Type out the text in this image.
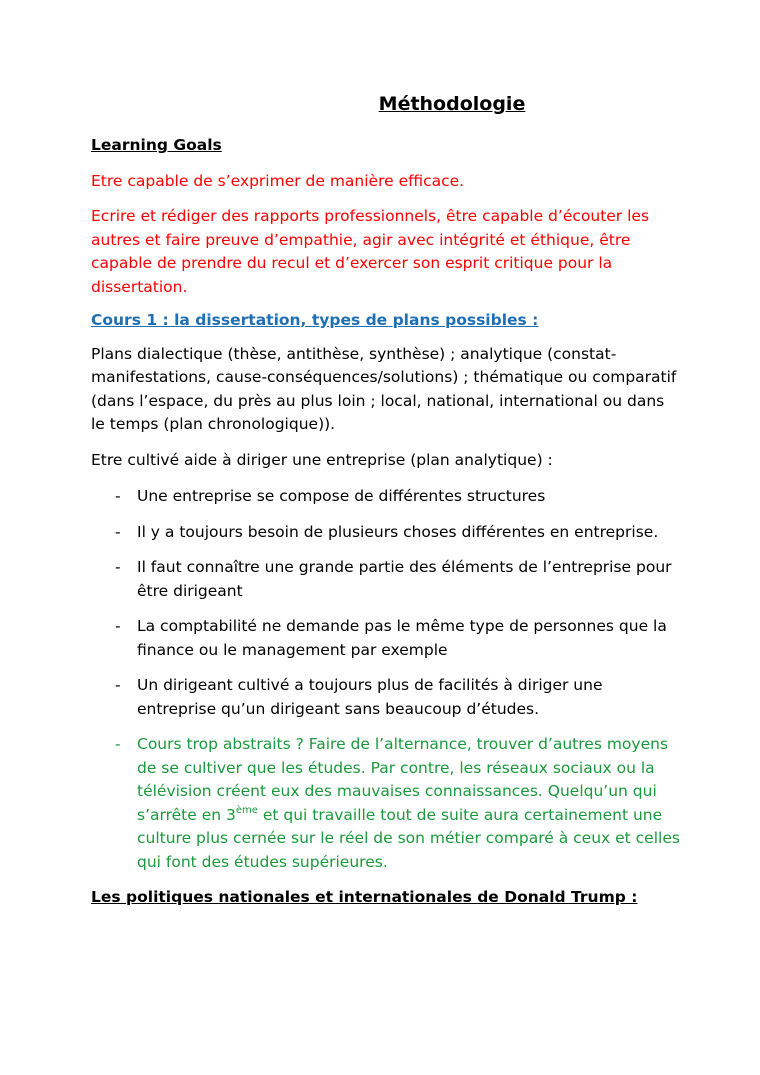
Méthodologie

Learning Goals

Etre capable de s’exprimer de manière efficace.

Ecrire et rédiger des rapports professionnels, être capable d’écouter les autres et faire preuve d’empathie, agir avec intégrité et éthique, être capable de prendre du recul et d’exercer son esprit critique pour la dissertation.

Cours 1 : la dissertation, types de plans possibles :

Plans dialectique (thèse, antithèse, synthèse) ; analytique (constat-manifestations, cause-conséquences/solutions) ; thématique ou comparatif (dans l’espace, du près au plus loin ; local, national, international ou dans le temps (plan chronologique)).

Etre cultivé aide à diriger une entreprise (plan analytique) :

- Une entreprise se compose de différentes structures
- Il y a toujours besoin de plusieurs choses différentes en entreprise.
- Il faut connaître une grande partie des éléments de l’entreprise pour être dirigeant
- La comptabilité ne demande pas le même type de personnes que la finance ou le management par exemple
- Un dirigeant cultivé a toujours plus de facilités à diriger une entreprise qu’un dirigeant sans beaucoup d’études.
- Cours trop abstraits ? Faire de l’alternance, trouver d’autres moyens de se cultiver que les études. Par contre, les réseaux sociaux ou la télévision créent eux des mauvaises connaissances. Quelqu’un qui s’arrête en 3ème et qui travaille tout de suite aura certainement une culture plus cernée sur le réel de son métier comparé à ceux et celles qui font des études supérieures.

Les politiques nationales et internationales de Donald Trump :
